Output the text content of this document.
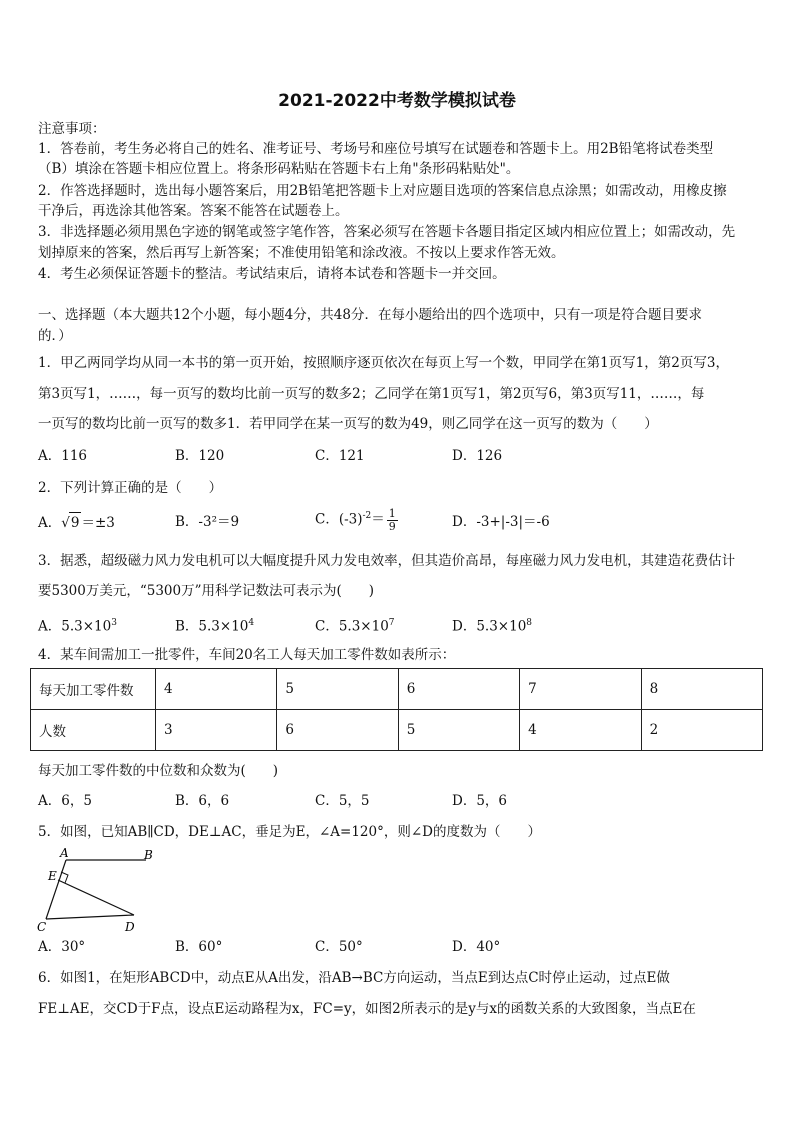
2021-2022中考数学模拟试卷
注意事项：
1．答卷前，考生务必将自己的姓名、准考证号、考场号和座位号填写在试题卷和答题卡上。用2B铅笔将试卷类型
（B）填涂在答题卡相应位置上。将条形码粘贴在答题卡右上角"条形码粘贴处"。
2．作答选择题时，选出每小题答案后，用2B铅笔把答题卡上对应题目选项的答案信息点涂黑；如需改动，用橡皮擦
干净后，再选涂其他答案。答案不能答在试题卷上。
3．非选择题必须用黑色字迹的钢笔或签字笔作答，答案必须写在答题卡各题目指定区域内相应位置上；如需改动，先
划掉原来的答案，然后再写上新答案；不准使用铅笔和涂改液。不按以上要求作答无效。
4．考生必须保证答题卡的整洁。考试结束后，请将本试卷和答题卡一并交回。
一、选择题（本大题共12个小题，每小题4分，共48分．在每小题给出的四个选项中，只有一项是符合题目要求
的．）
1．甲乙两同学均从同一本书的第一页开始，按照顺序逐页依次在每页上写一个数，甲同学在第1页写1，第2页写3，
第3页写1，……，每一页写的数均比前一页写的数多2；乙同学在第1页写1，第2页写6，第3页写11，……，每
一页写的数均比前一页写的数多1．若甲同学在某一页写的数为49，则乙同学在这一页写的数为（　　）
A．116	B．120	C．121	D．126
2．下列计算正确的是（　　）
A．√9 ＝±3	B．-3²＝9	C．$(-3)^{-2}= \frac{1}{9}$	D．-3+|-3|＝-6
3．据悉，超级磁力风力发电机可以大幅度提升风力发电效率，但其造价高昂，每座磁力风力发电机，其建造花费估计
要5300万美元，“5300万”用科学记数法可表示为(　　)
A．$5.3\times 10^3$	B．$5.3\times 10^4$	C．$5.3\times 10^7$	D．$5.3\times 10^8$
4．某车间需加工一批零件，车间20名工人每天加工零件数如表所示：
每天加工零件数	4	5	6	7	8
人数	3	6	5	4	2
每天加工零件数的中位数和众数为(　　)
A．6，5	B．6，6	C．5，5	D．5，6
5．如图，已知AB∥CD，DE⊥AC，垂足为E，∠A=120°，则∠D的度数为（　　）
A	B
E
C	D
A．30°	B．60°	C．50°	D．40°
6．如图1，在矩形ABCD中，动点E从A出发，沿AB→BC方向运动，当点E到达点C时停止运动，过点E做
FE⊥AE，交CD于F点，设点E运动路程为x，FC=y，如图2所表示的是y与x的函数关系的大致图象，当点E在
